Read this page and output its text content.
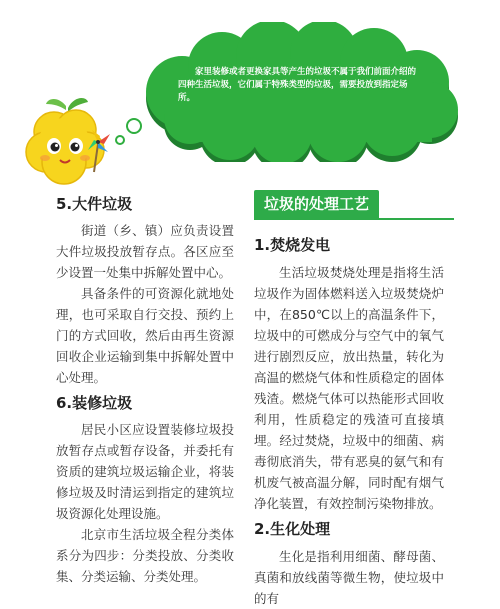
家里装修或者更换家具等产生的垃圾不属于我们前面介绍的四种生活垃圾，它们属于特殊类型的垃圾，需要投放到指定场所。
5.大件垃圾

街道（乡、镇）应负责设置大件垃圾投放暂存点。各区应至少设置一处集中拆解处置中心。

具备条件的可资源化就地处理，也可采取自行交投、预约上门的方式回收，然后由再生资源回收企业运输到集中拆解处置中心处理。

6.装修垃圾

居民小区应设置装修垃圾投放暂存点或暂存设备，并委托有资质的建筑垃圾运输企业，将装修垃圾及时清运到指定的建筑垃圾资源化处理设施。

北京市生活垃圾全程分类体系分为四步：分类投放、分类收集、分类运输、分类处理。

垃圾的处理工艺
1.焚烧发电

生活垃圾焚烧处理是指将生活垃圾作为固体燃料送入垃圾焚烧炉中，在850℃以上的高温条件下，垃圾中的可燃成分与空气中的氧气进行剧烈反应，放出热量，转化为高温的燃烧气体和性质稳定的固体残渣。燃烧气体可以热能形式回收利用，性质稳定的残渣可直接填埋。经过焚烧，垃圾中的细菌、病毒彻底消失，带有恶臭的氨气和有机废气被高温分解，同时配有烟气净化装置，有效控制污染物排放。

2.生化处理

生化是指利用细菌、酵母菌、真菌和放线菌等微生物，使垃圾中的有
